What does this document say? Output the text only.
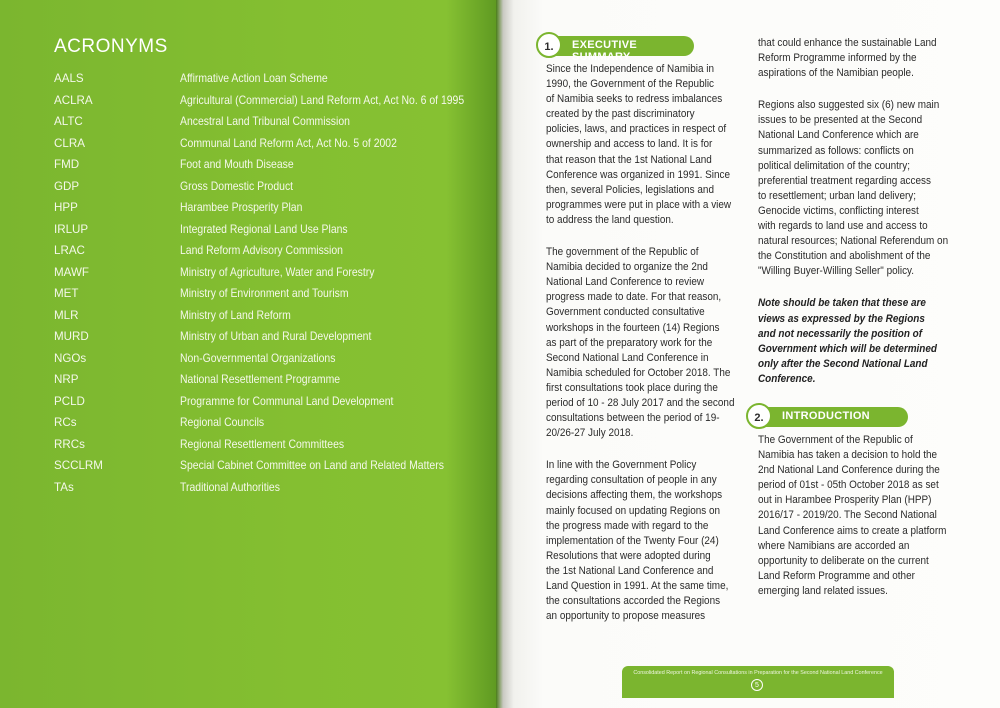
ACRONYMS
AALS	Affirmative Action Loan Scheme
ACLRA	Agricultural (Commercial) Land Reform Act, Act No. 6 of 1995
ALTC	Ancestral Land Tribunal Commission
CLRA	Communal Land Reform Act, Act No. 5 of 2002
FMD	Foot and Mouth Disease
GDP	Gross Domestic Product
HPP	Harambee Prosperity Plan
IRLUP	Integrated Regional Land Use Plans
LRAC	Land Reform Advisory Commission
MAWF	Ministry of Agriculture, Water and Forestry
MET	Ministry of Environment and Tourism
MLR	Ministry of Land Reform
MURD	Ministry of Urban and Rural Development
NGOs	Non-Governmental Organizations
NRP	National Resettlement Programme
PCLD	Programme for Communal Land Development
RCs	Regional Councils
RRCs	Regional Resettlement Committees
SCCLRM	Special Cabinet Committee on Land and Related Matters
TAs	Traditional Authorities
1.	EXECUTIVE SUMMARY

Since the Independence of Namibia in
1990, the Government of the Republic
of Namibia seeks to redress imbalances
created by the past discriminatory
policies, laws, and practices in respect of
ownership and access to land. It is for
that reason that the 1st National Land
Conference was organized in 1991. Since
then, several Policies, legislations and
programmes were put in place with a view
to address the land question.

The government of the Republic of
Namibia decided to organize the 2nd
National Land Conference to review
progress made to date. For that reason,
Government conducted consultative
workshops in the fourteen (14) Regions
as part of the preparatory work for the
Second National Land Conference in
Namibia scheduled for October 2018. The
first consultations took place during the
period of 10 - 28 July 2017 and the second
consultations between the period of 19-
20/26-27 July 2018.

In line with the Government Policy
regarding consultation of people in any
decisions affecting them, the workshops
mainly focused on updating Regions on
the progress made with regard to the
implementation of the Twenty Four (24)
Resolutions that were adopted during
the 1st National Land Conference and
Land Question in 1991. At the same time,
the consultations accorded the Regions
an opportunity to propose measures

that could enhance the sustainable Land
Reform Programme informed by the
aspirations of the Namibian people.

Regions also suggested six (6) new main
issues to be presented at the Second
National Land Conference which are
summarized as follows: conflicts on
political delimitation of the country;
preferential treatment regarding access
to resettlement; urban land delivery;
Genocide victims, conflicting interest
with regards to land use and access to
natural resources; National Referendum on
the Constitution and abolishment of the
"Willing Buyer-Willing Seller" policy.

Note should be taken that these are
views as expressed by the Regions
and not necessarily the position of
Government which will be determined
only after the Second National Land
Conference.

The Government of the Republic of
Namibia has taken a decision to hold the
2nd National Land Conference during the
period of 01st - 05th October 2018 as set
out in Harambee Prosperity Plan (HPP)
2016/17 - 2019/20. The Second National
Land Conference aims to create a platform
where Namibians are accorded an
opportunity to deliberate on the current
Land Reform Programme and other
emerging land related issues.

2.	INTRODUCTION
Consolidated Report on Regional Consultations in Preparation for the Second National Land Conference
5
